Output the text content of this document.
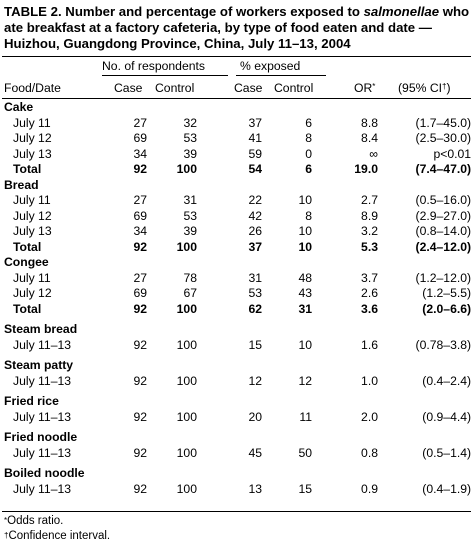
TABLE 2. Number and percentage of workers exposed to salmonellae who ate breakfast at a factory cafeteria, by type of food eaten and date — Huizhou, Guangdong Province, China, July 11–13, 2004

No. of respondents	% exposed
Food/Date	Case Control	Case Control	OR* (95% CI†)
Cake						
July 11	27	32	37	6	8.8	(1.7–45.0)
July 12	69	53	41	8	8.4	(2.5–30.0)
July 13	34	39	59	0	∞	p<0.01
Total	92	100	54	6	19.0	(7.4–47.0)
Bread						
July 11	27	31	22	10	2.7	(0.5–16.0)
July 12	69	53	42	8	8.9	(2.9–27.0)
July 13	34	39	26	10	3.2	(0.8–14.0)
Total	92	100	37	10	5.3	(2.4–12.0)
Congee						
July 11	27	78	31	48	3.7	(1.2–12.0)
July 12	69	67	53	43	2.6	(1.2–5.5)
Total	92	100	62	31	3.6	(2.0–6.6)

Steam bread						
July 11–13	92	100	15	10	1.6	(0.78–3.8)

Steam patty						
July 11–13	92	100	12	12	1.0	(0.4–2.4)

Fried rice						
July 11–13	92	100	20	11	2.0	(0.9–4.4)

Fried noodle						
July 11–13	92	100	45	50	0.8	(0.5–1.4)

Boiled noodle						
July 11–13	92	100	13	15	0.9	(0.4–1.9)
*Odds ratio.
†Confidence interval.
